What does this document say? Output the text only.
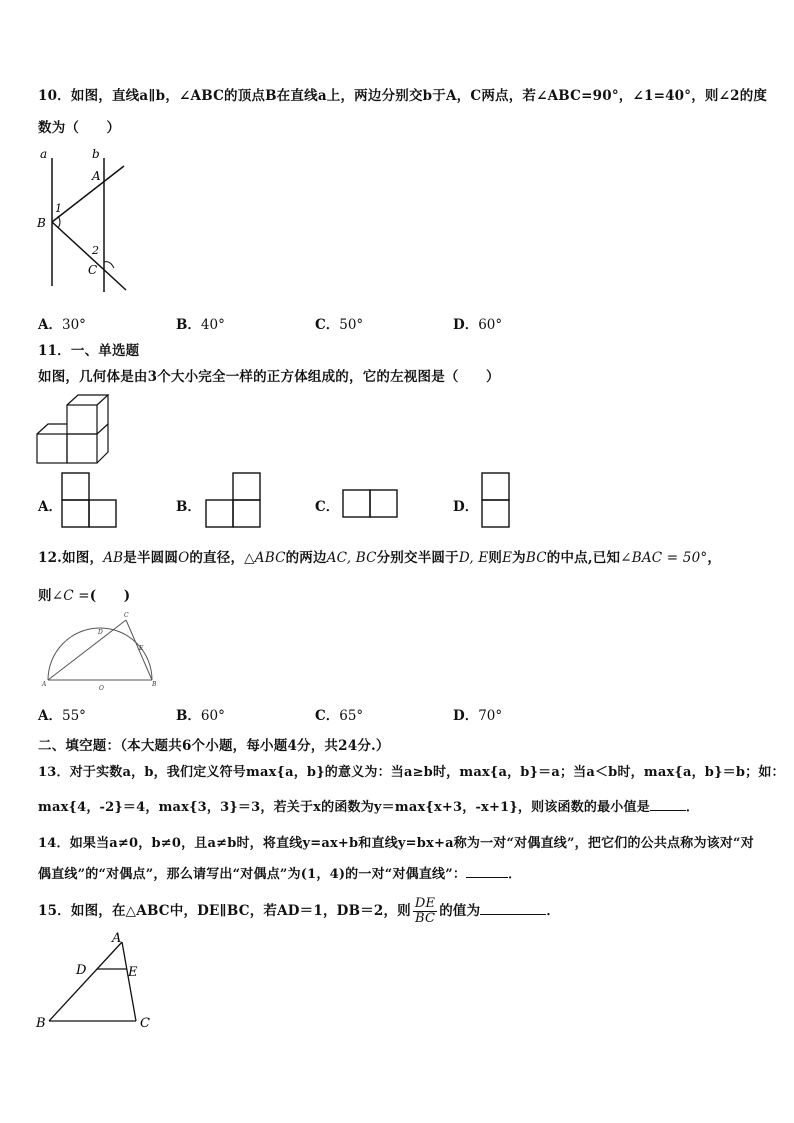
10．如图，直线a∥b，∠ABC的顶点B在直线a上，两边分别交b于A，C两点，若∠ABC=90°，∠1=40°，则∠2的度
数为（　　）
a	b
A
B
C
1
2
A．30°	B．40°	C．50°	D．60°
11．一、单选题
如图，几何体是由3个大小完全一样的正方体组成的，它的左视图是（　　）
A．	B．	C．	D．
12.如图，AB是半圆圆O的直径，△ABC的两边AC, BC分别交半圆于D, E则E为BC的中点,已知∠BAC = 50°，
则∠C =(　　)
A	B
C
D
E
O
A．55°	B．60°	C．65°	D．70°
二、填空题：（本大题共6个小题，每小题4分，共24分.）
13．对于实数a，b，我们定义符号max{a，b}的意义为：当a≥b时，max{a，b}＝a；当a＜b时，max{a，b}＝b；如：
max{4，-2}＝4，max{3，3}＝3，若关于x的函数为y＝max{x+3，-x+1}，则该函数的最小值是	．
14．如果当a≠0，b≠0，且a≠b时，将直线y=ax+b和直线y=bx+a称为一对“对偶直线”，把它们的公共点称为该对“对
偶直线”的“对偶点”，那么请写出“对偶点”为(1，4)的一对“对偶直线”：	．
15．如图，在△ABC中，DE∥BC，若AD＝1，DB＝2，则 $\frac{DE}{BC}$ 的值为	．
A
B	C
D	E
